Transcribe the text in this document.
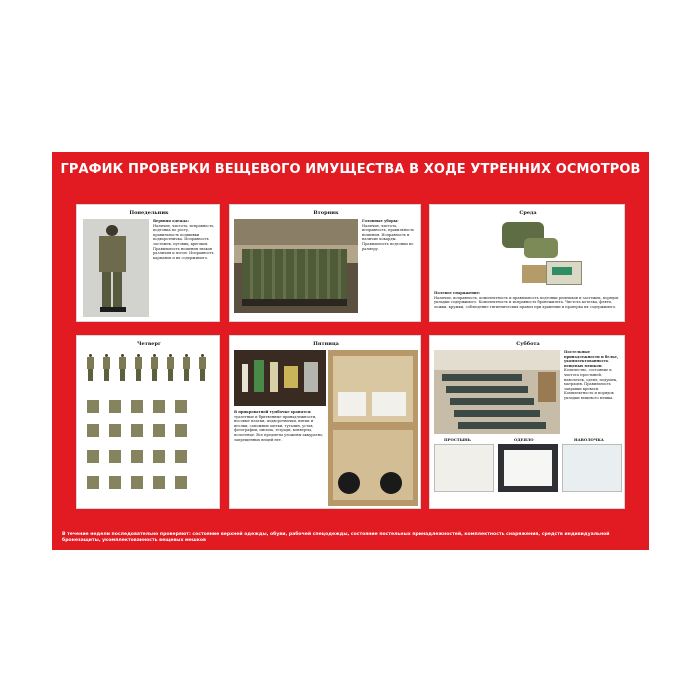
ГРАФИК ПРОВЕРКИ ВЕЩЕВОГО ИМУЩЕСТВА В ХОДЕ УТРЕННИХ ОСМОТРОВ
Понедельник
Верхняя одежда:
Наличие, чистота, исправность, подгонка по росту, правильность подшивки подворотничка. Исправность застежек, пуговиц, крючков. Правильность ношения знаков различия и погон. Исправность карманов и их содержимого.
Вторник
Головные уборы:
Наличие, чистота, исправность, правильность ношения. Исправность и наличие кокарды. Правильность подгонки по размеру.
Среда
Полевое снаряжение:
Наличие, исправность, комплектность и правильность подгонки ремешков и застежек, порядок укладки содержимого. Комплектность и исправность бронежилета. Чистота котелка, фляги, ложки, кружки, соблюдение гигиенических правил при хранении и проверка их содержимого.
Четверг	Пятница
В прикроватной тумбочке хранятся:
туалетные и бритвенные принадлежности, носовые платки, подворотнички, нитки и иголки, сапожные щетки, гуталин, устав, фотографии, письма, тетради, конверты, полотенце. Все предметы уложены аккуратно, запрещенных вещей нет.
Суббота
Постельные принадлежности и белье, укомплектованность вещевых мешков:
Количество, состояние и чистота простыней, наволочек, одеял, подушек, матрацев. Правильность заправки кровати. Комплектность и порядок укладки вещевого мешка.
ПРОСТЫНЬ	ОДЕЯЛО	НАВОЛОЧКА
В течение недели последовательно проверяют: состояние верхней одежды, обуви, рабочей спецодежды, состояние постельных принадлежностей, комплектность снаряжения, средств индивидуальной бронезащиты, укомплектованность вещевых мешков
